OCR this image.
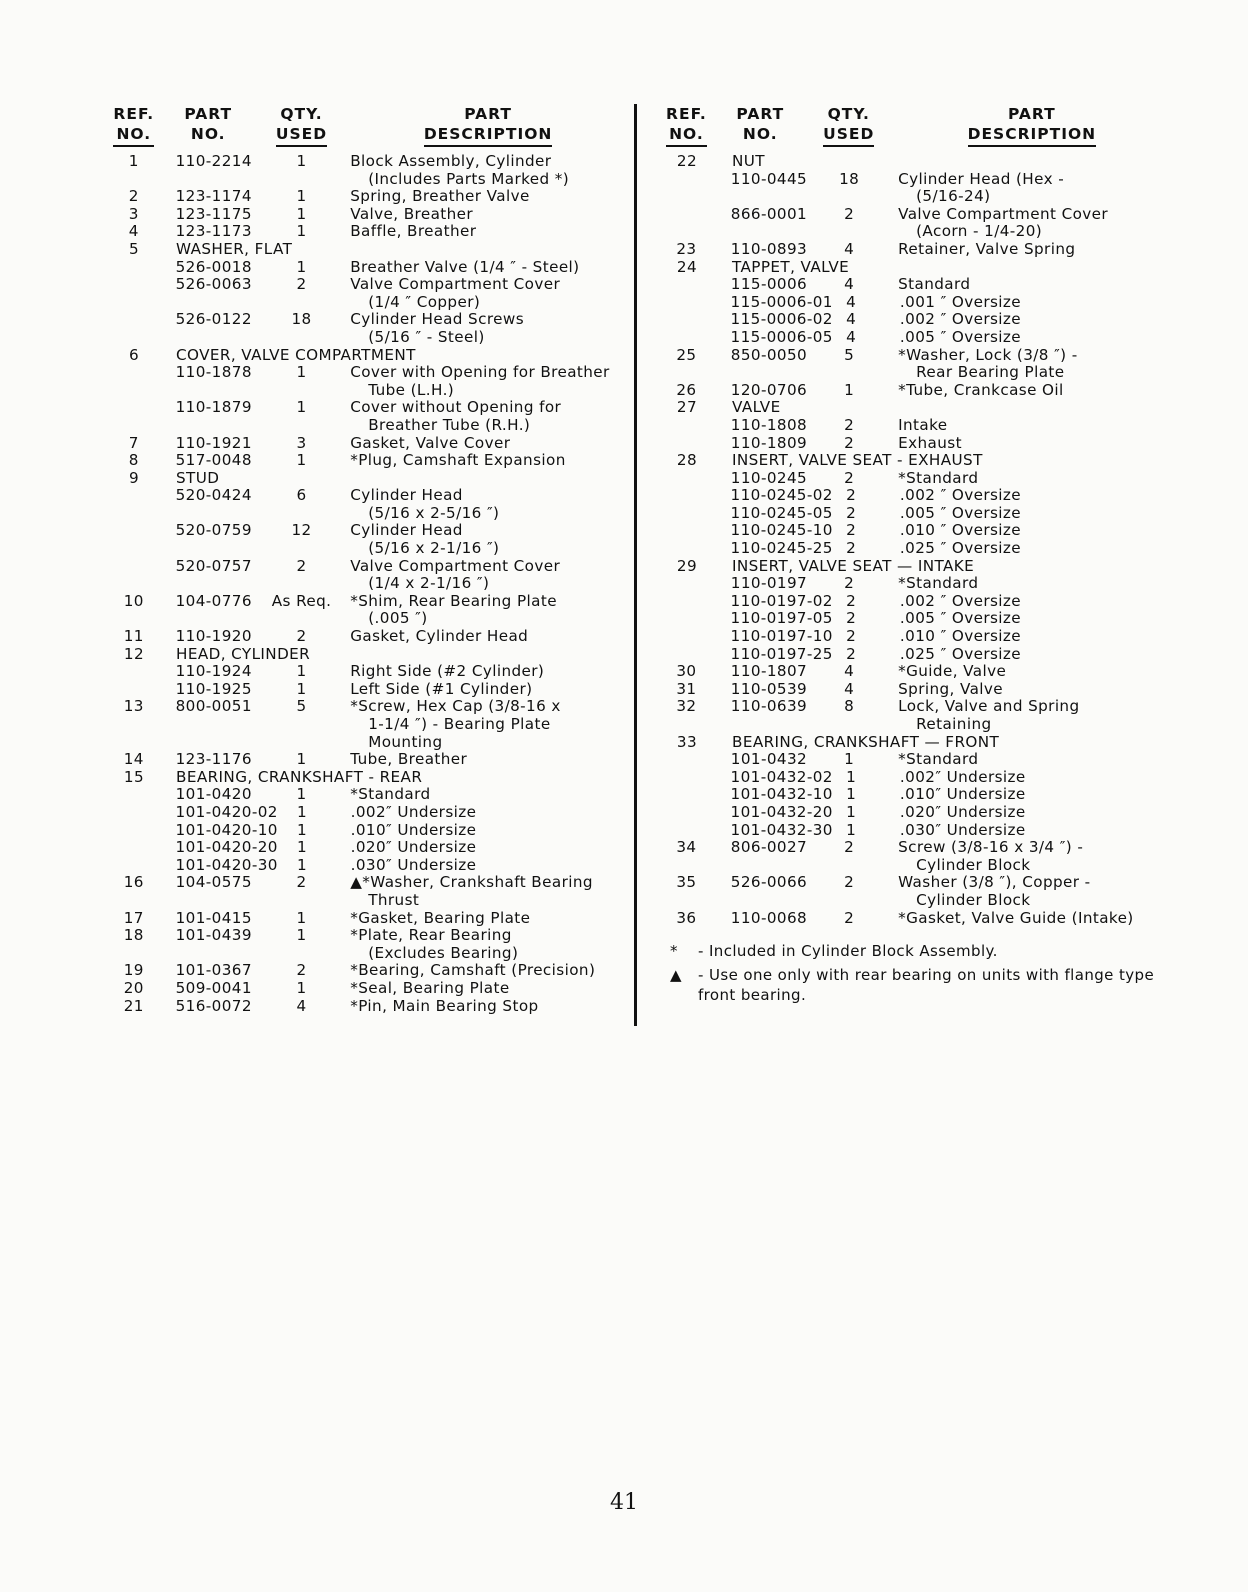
REF.
NO.
PART
NO.
QTY.
USED
PART
DESCRIPTION
1	110-2214	1	Block Assembly, Cylinder
(Includes Parts Marked *)
2	123-1174	1	Spring, Breather Valve
3	123-1175	1	Valve, Breather
4	123-1173	1	Baffle, Breather
5	WASHER, FLAT
526-0018	1	Breather Valve (1/4 ″ - Steel)
526-0063	2	Valve Compartment Cover
(1/4 ″ Copper)
526-0122	18	Cylinder Head Screws
(5/16 ″ - Steel)
6	COVER, VALVE COMPARTMENT
110-1878	1	Cover with Opening for Breather
Tube (L.H.)
110-1879	1	Cover without Opening for
Breather Tube (R.H.)
7	110-1921	3	Gasket, Valve Cover
8	517-0048	1	*Plug, Camshaft Expansion
9	STUD
520-0424	6	Cylinder Head
(5/16 x 2-5/16 ″)
520-0759	12	Cylinder Head
(5/16 x 2-1/16 ″)
520-0757	2	Valve Compartment Cover
(1/4 x 2-1/16 ″)
10	104-0776	As Req.	*Shim, Rear Bearing Plate
(.005 ″)
11	110-1920	2	Gasket, Cylinder Head
12	HEAD, CYLINDER
110-1924	1	Right Side (#2 Cylinder)
110-1925	1	Left Side (#1 Cylinder)
13	800-0051	5	*Screw, Hex Cap (3/8-16 x
1-1/4 ″) - Bearing Plate
Mounting
14	123-1176	1	Tube, Breather
15	BEARING, CRANKSHAFT - REAR
101-0420	1	*Standard
101-0420-02	1	.002″ Undersize
101-0420-10	1	.010″ Undersize
101-0420-20	1	.020″ Undersize
101-0420-30	1	.030″ Undersize
16	104-0575	2	▲*Washer, Crankshaft Bearing
Thrust
17	101-0415	1	*Gasket, Bearing Plate
18	101-0439	1	*Plate, Rear Bearing
(Excludes Bearing)
19	101-0367	2	*Bearing, Camshaft (Precision)
20	509-0041	1	*Seal, Bearing Plate
21	516-0072	4	*Pin, Main Bearing Stop
REF.
NO.
PART
NO.
QTY.
USED
PART
DESCRIPTION
22	NUT
110-0445	18	Cylinder Head (Hex -
(5/16-24)
866-0001	2	Valve Compartment Cover
(Acorn - 1/4-20)
23	110-0893	4	Retainer, Valve Spring
24	TAPPET, VALVE
115-0006	4	Standard
115-0006-01 4	.001 ″ Oversize
115-0006-02 4	.002 ″ Oversize
115-0006-05 4	.005 ″ Oversize
25	850-0050	5	*Washer, Lock (3/8 ″) -
Rear Bearing Plate
26	120-0706	1	*Tube, Crankcase Oil
27	VALVE
110-1808	2	Intake
110-1809	2	Exhaust
28	INSERT, VALVE SEAT - EXHAUST
110-0245	2	*Standard
110-0245-02 2	.002 ″ Oversize
110-0245-05 2	.005 ″ Oversize
110-0245-10 2	.010 ″ Oversize
110-0245-25 2	.025 ″ Oversize
29	INSERT, VALVE SEAT — INTAKE
110-0197	2	*Standard
110-0197-02 2	.002 ″ Oversize
110-0197-05 2	.005 ″ Oversize
110-0197-10 2	.010 ″ Oversize
110-0197-25 2	.025 ″ Oversize
30	110-1807	4	*Guide, Valve
31	110-0539	4	Spring, Valve
32	110-0639	8	Lock, Valve and Spring
Retaining
33	BEARING, CRANKSHAFT — FRONT
101-0432	1	*Standard
101-0432-02 1	.002″ Undersize
101-0432-10 1	.010″ Undersize
101-0432-20 1	.020″ Undersize
101-0432-30 1	.030″ Undersize
34	806-0027	2	Screw (3/8-16 x 3/4 ″) -
Cylinder Block
35	526-0066	2	Washer (3/8 ″), Copper -
Cylinder Block
36	110-0068	2	*Gasket, Valve Guide (Intake)
*	- Included in Cylinder Block Assembly.
▲	- Use one only with rear bearing on units with flange type front bearing.
41
